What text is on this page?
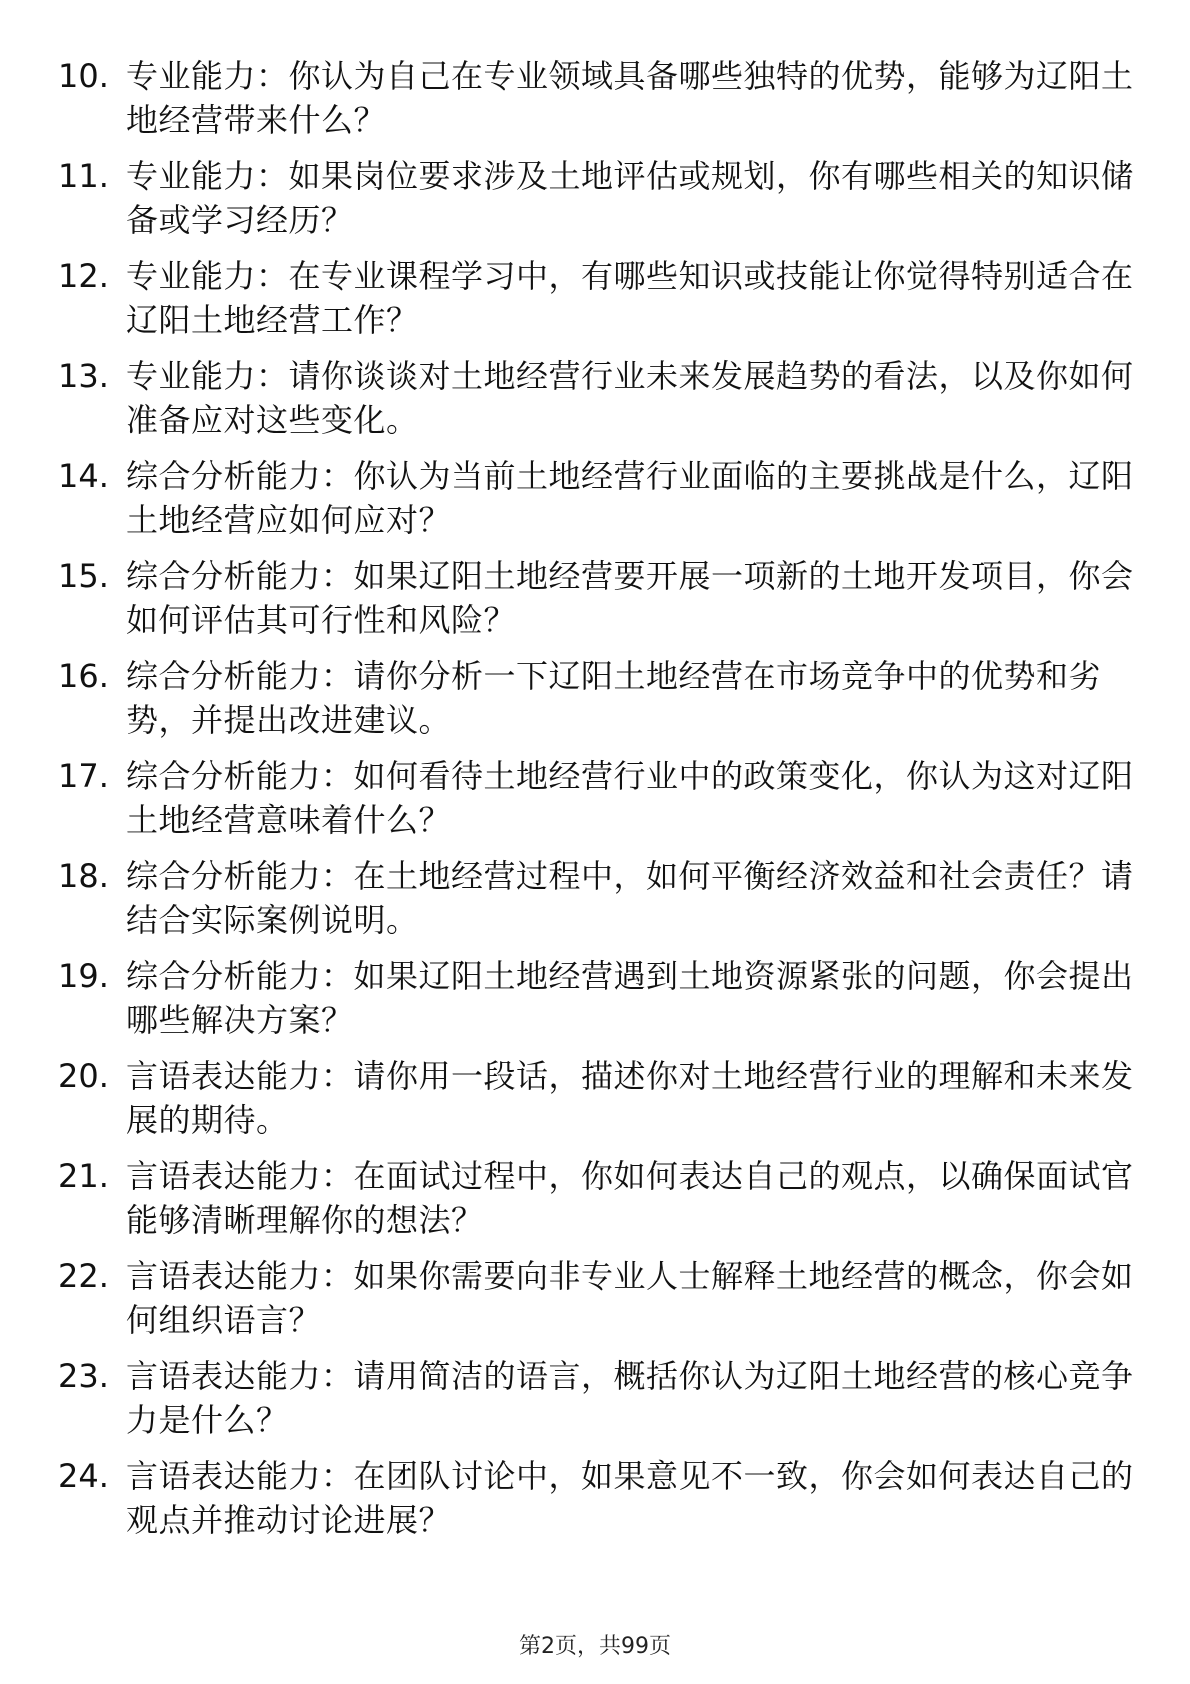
10. 专业能力：你认为自己在专业领域具备哪些独特的优势，能够为辽阳土地经营带来什么？
11. 专业能力：如果岗位要求涉及土地评估或规划，你有哪些相关的知识储备或学习经历？
12. 专业能力：在专业课程学习中，有哪些知识或技能让你觉得特别适合在辽阳土地经营工作？
13. 专业能力：请你谈谈对土地经营行业未来发展趋势的看法，以及你如何准备应对这些变化。
14. 综合分析能力：你认为当前土地经营行业面临的主要挑战是什么，辽阳土地经营应如何应对？
15. 综合分析能力：如果辽阳土地经营要开展一项新的土地开发项目，你会如何评估其可行性和风险？
16. 综合分析能力：请你分析一下辽阳土地经营在市场竞争中的优势和劣势，并提出改进建议。
17. 综合分析能力：如何看待土地经营行业中的政策变化，你认为这对辽阳土地经营意味着什么？
18. 综合分析能力：在土地经营过程中，如何平衡经济效益和社会责任？请结合实际案例说明。
19. 综合分析能力：如果辽阳土地经营遇到土地资源紧张的问题，你会提出哪些解决方案？
20. 言语表达能力：请你用一段话，描述你对土地经营行业的理解和未来发展的期待。
21. 言语表达能力：在面试过程中，你如何表达自己的观点，以确保面试官能够清晰理解你的想法？
22. 言语表达能力：如果你需要向非专业人士解释土地经营的概念，你会如何组织语言？
23. 言语表达能力：请用简洁的语言，概括你认为辽阳土地经营的核心竞争力是什么？
24. 言语表达能力：在团队讨论中，如果意见不一致，你会如何表达自己的观点并推动讨论进展？
第2页，共99页
